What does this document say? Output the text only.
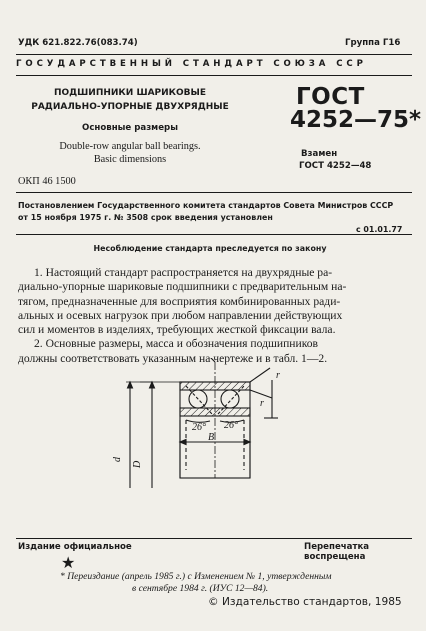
УДК 621.822.76(083.74)	Группа Г16
ГОСУДАРСТВЕННЫЙ СТАНДАРТ СОЮЗА ССР
ПОДШИПНИКИ ШАРИКОВЫЕ
РАДИАЛЬНО-УПОРНЫЕ ДВУХРЯДНЫЕ
Основные размеры
Double-row angular ball bearings.
Basic dimensions
ГОСТ
4252—75*
Взамен
ГОСТ 4252—48
ОКП 46 1500
Постановлением Государственного комитета стандартов Совета Министров СССР
от 15 ноября 1975 г. № 3508 срок введения установлен
с 01.01.77
Несоблюдение стандарта преследуется по закону
1. Настоящий стандарт распространяется на двухрядные ра-
диально-упорные шариковые подшипники с предварительным на-
тягом, предназначенные для восприятия комбинированных ради-
альных и осевых нагрузок при любом направлении действующих
сил и моментов в изделиях, требующих жесткой фиксации вала.
2. Основные размеры, масса и обозначения подшипников
должны соответствовать указанным на чертеже и в табл. 1—2.
26° 26°
B
D
d
r
r
Издание официальное	Перепечатка воспрещена
★
* Переиздание (апрель 1985 г.) с Изменением № 1, утвержденным
в сентябре 1984 г. (ИУС 12—84).
© Издательство стандартов, 1985
